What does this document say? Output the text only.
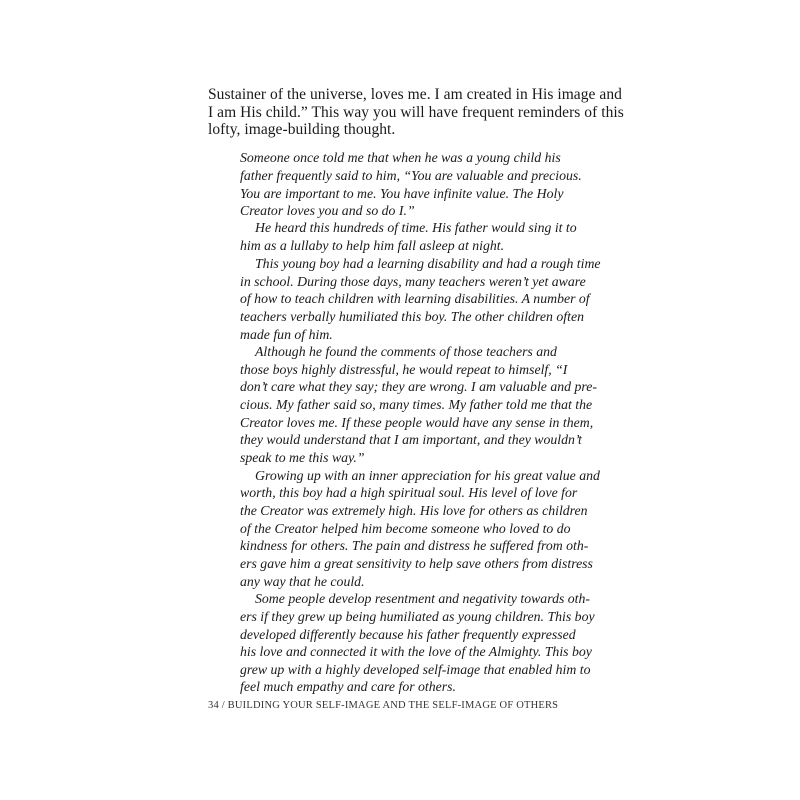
Sustainer of the universe, loves me. I am created in His image and

I am His child.” This way you will have frequent reminders of this

lofty, image-building thought.

Someone once told me that when he was a young child his

father frequently said to him, “You are valuable and precious.

You are important to me. You have infinite value. The Holy

Creator loves you and so do I.”

He heard this hundreds of time. His father would sing it to

him as a lullaby to help him fall asleep at night.

This young boy had a learning disability and had a rough time

in school. During those days, many teachers weren’t yet aware

of how to teach children with learning disabilities. A number of

teachers verbally humiliated this boy. The other children often

made fun of him.

Although he found the comments of those teachers and

those boys highly distressful, he would repeat to himself, “I

don’t care what they say; they are wrong. I am valuable and pre-

cious. My father said so, many times. My father told me that the

Creator loves me. If these people would have any sense in them,

they would understand that I am important, and they wouldn’t

speak to me this way.”

Growing up with an inner appreciation for his great value and

worth, this boy had a high spiritual soul. His level of love for

the Creator was extremely high. His love for others as children

of the Creator helped him become someone who loved to do

kindness for others. The pain and distress he suffered from oth-

ers gave him a great sensitivity to help save others from distress

any way that he could.

Some people develop resentment and negativity towards oth-

ers if they grew up being humiliated as young children. This boy

developed differently because his father frequently expressed

his love and connected it with the love of the Almighty. This boy

grew up with a highly developed self-image that enabled him to

feel much empathy and care for others.

34 / BUILDING YOUR SELF-IMAGE AND THE SELF-IMAGE OF OTHERS
